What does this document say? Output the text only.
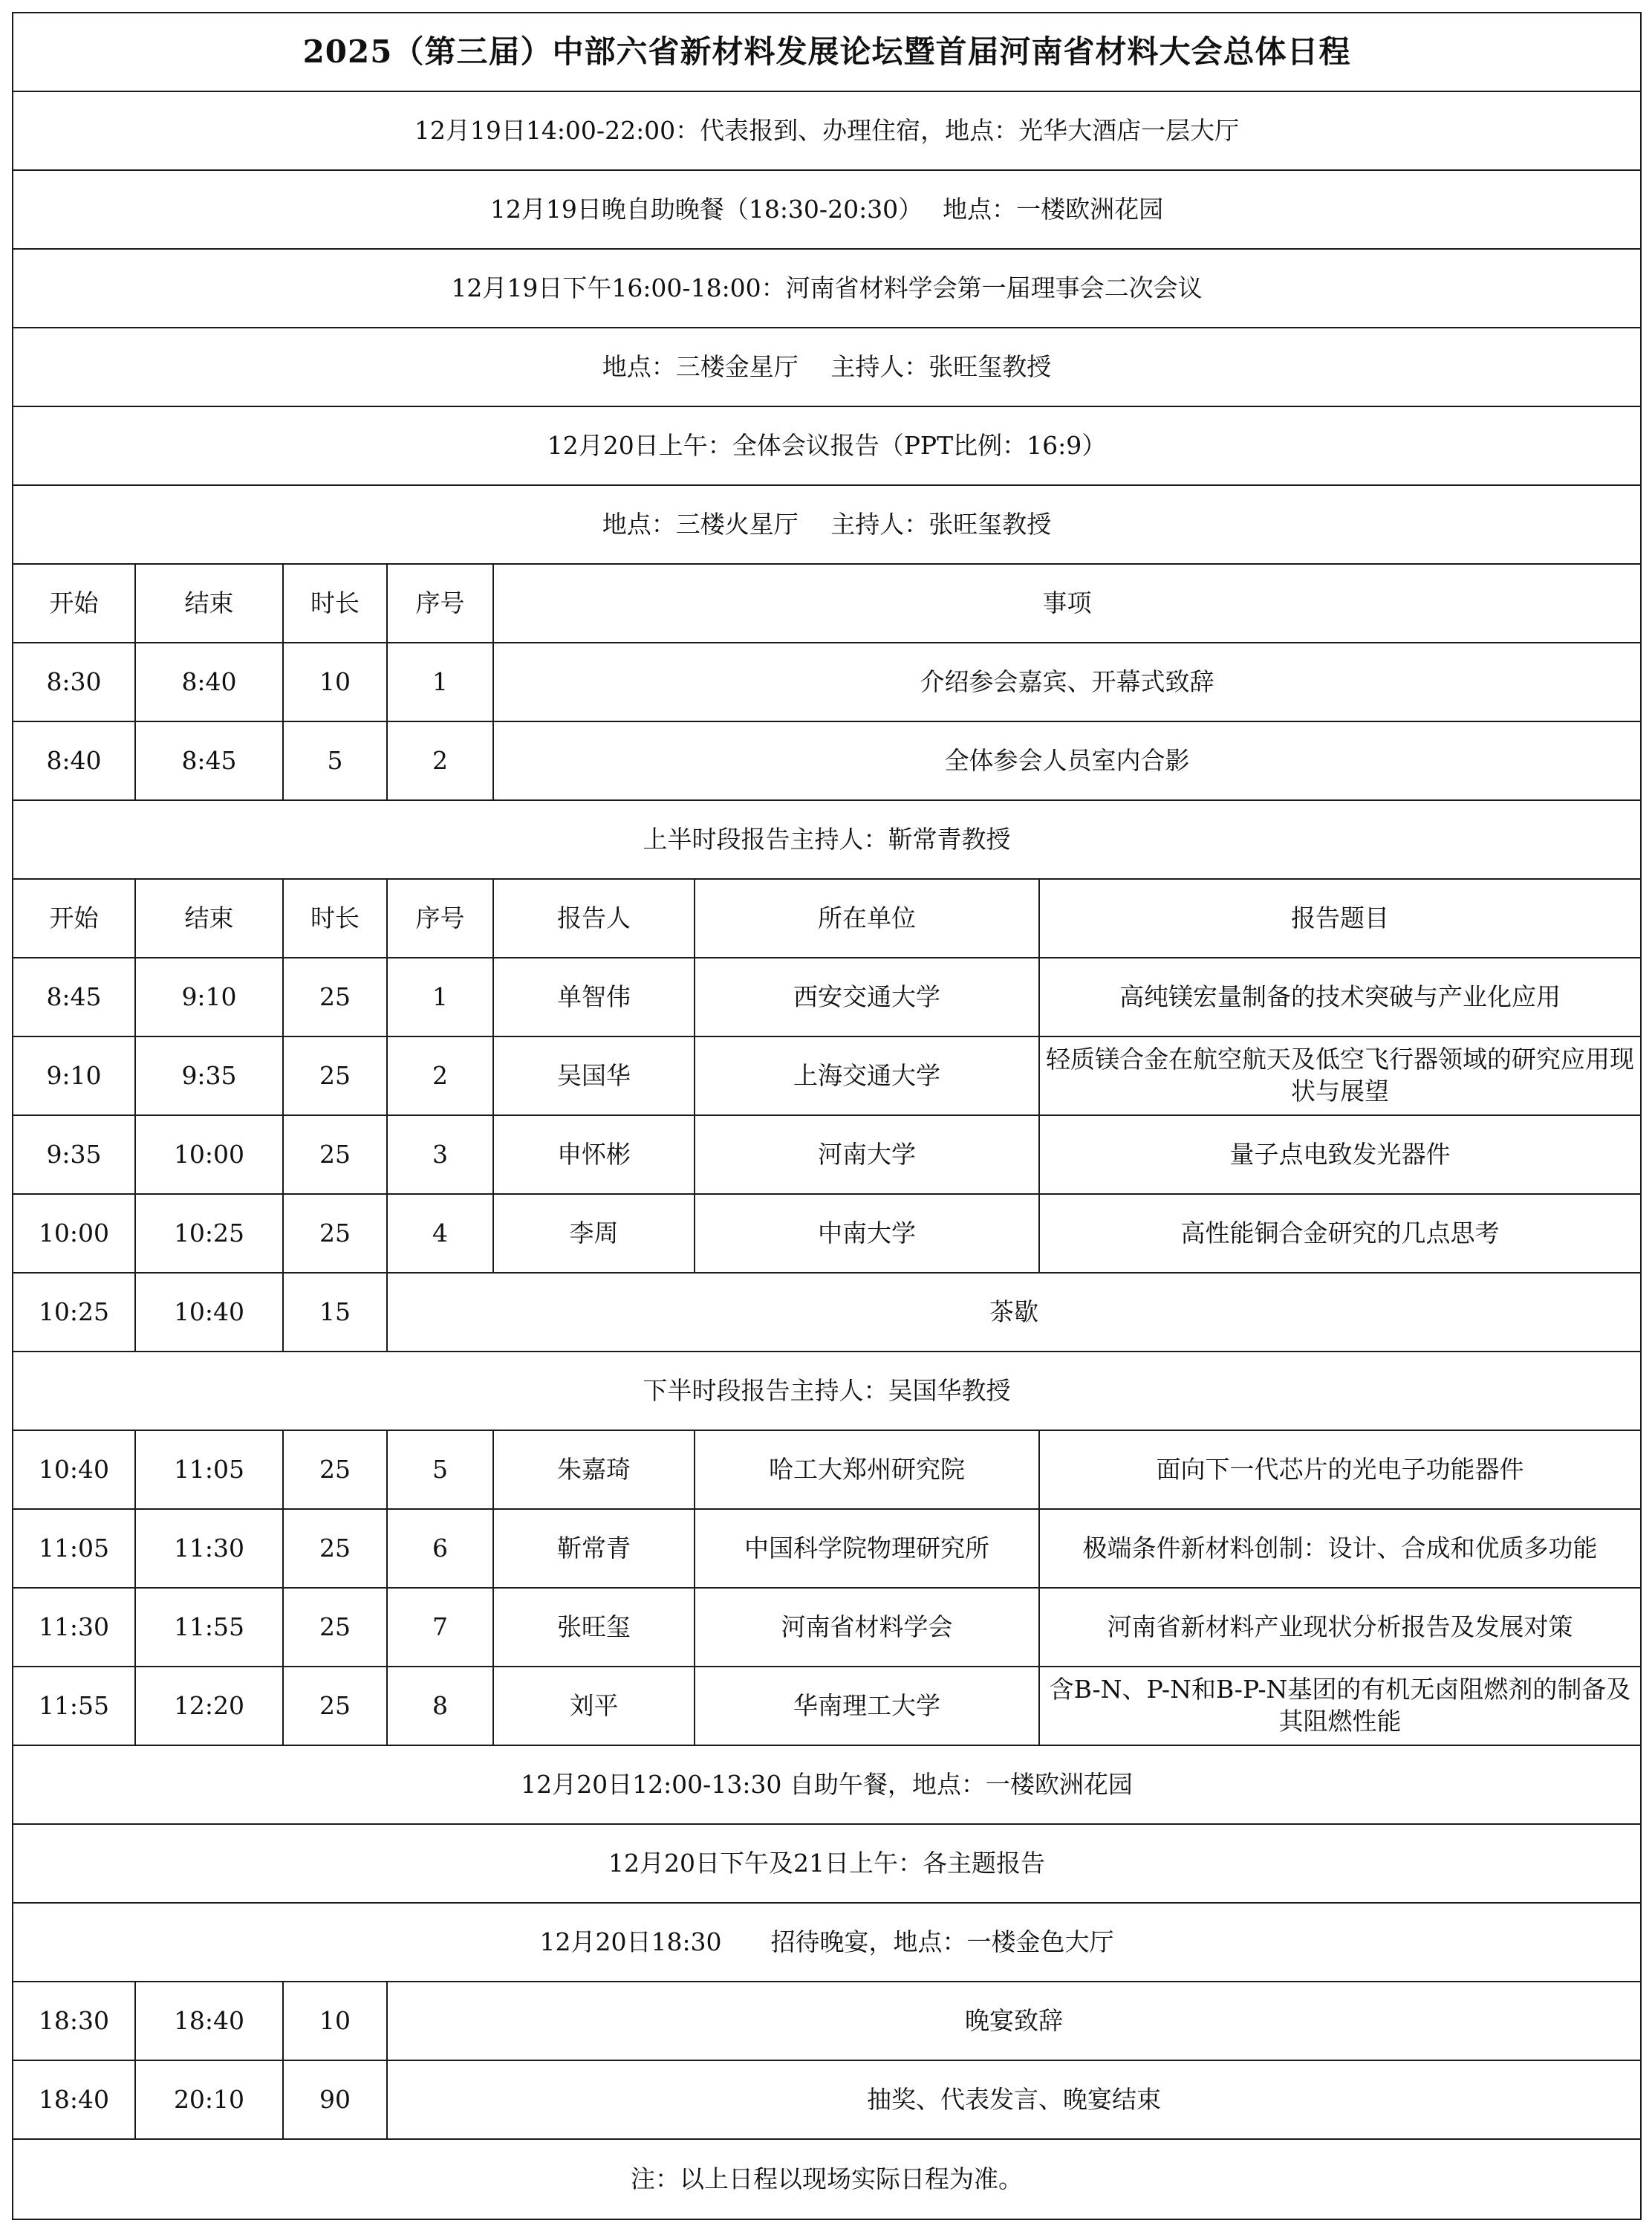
2025（第三届）中部六省新材料发展论坛暨首届河南省材料大会总体日程						
12月19日14:00-22:00：代表报到、办理住宿，地点：光华大酒店一层大厅						
12月19日晚自助晚餐（18:30-20:30）　 地点：一楼欧洲花园						
12月19日下午16:00-18:00：河南省材料学会第一届理事会二次会议						
地点：三楼金星厅　 主持人：张旺玺教授						
12月20日上午：全体会议报告（PPT比例：16:9）						
地点：三楼火星厅　 主持人：张旺玺教授						
开始	结束	时长	序号	事项		
8:30	8:40	10	1	介绍参会嘉宾、开幕式致辞		
8:40	8:45	5	2	全体参会人员室内合影		
上半时段报告主持人：靳常青教授						
开始	结束	时长	序号	报告人	所在单位	报告题目
8:45	9:10	25	1	单智伟	西安交通大学	高纯镁宏量制备的技术突破与产业化应用
9:10	9:35	25	2	吴国华	上海交通大学	轻质镁合金在航空航天及低空飞行器领域的研究应用现状与展望
9:35	10:00	25	3	申怀彬	河南大学	量子点电致发光器件
10:00	10:25	25	4	李周	中南大学	高性能铜合金研究的几点思考
10:25	10:40	15	茶歇			
下半时段报告主持人：吴国华教授						
10:40	11:05	25	5	朱嘉琦	哈工大郑州研究院	面向下一代芯片的光电子功能器件
11:05	11:30	25	6	靳常青	中国科学院物理研究所	极端条件新材料创制：设计、合成和优质多功能
11:30	11:55	25	7	张旺玺	河南省材料学会	河南省新材料产业现状分析报告及发展对策
11:55	12:20	25	8	刘平	华南理工大学	含B-N、P-N和B-P-N基团的有机无卤阻燃剂的制备及其阻燃性能
12月20日12:00-13:30 自助午餐，地点：一楼欧洲花园						
12月20日下午及21日上午：各主题报告						
12月20日18:30　　招待晚宴，地点：一楼金色大厅						
18:30	18:40	10	晚宴致辞			
18:40	20:10	90	抽奖、代表发言、晚宴结束			
注：以上日程以现场实际日程为准。						
